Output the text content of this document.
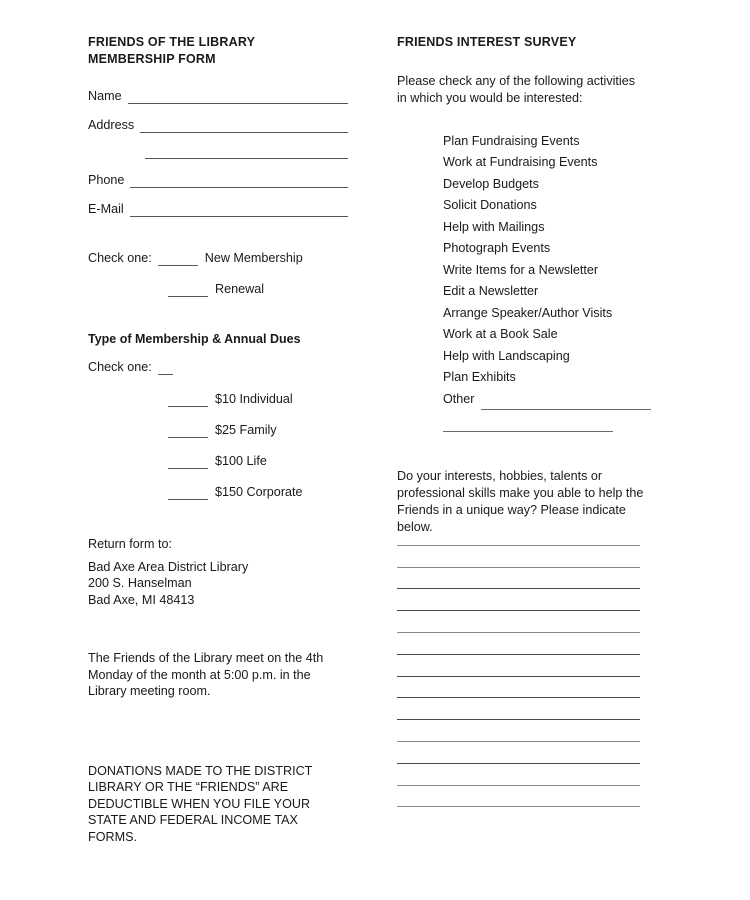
FRIENDS OF THE LIBRARY
MEMBERSHIP FORM
Name
Address
Phone
E-Mail
Check one:	New Membership
Renewal
Type of Membership & Annual Dues
Check one:
$10 Individual
$25 Family
$100 Life
$150 Corporate
Return form to:
Bad Axe Area District Library
200 S. Hanselman
Bad Axe, MI 48413
The Friends of the Library meet on the 4th
Monday of the month at 5:00 p.m. in the
Library meeting room.
DONATIONS MADE TO THE DISTRICT
LIBRARY OR THE “FRIENDS” ARE
DEDUCTIBLE WHEN YOU FILE YOUR
STATE AND FEDERAL INCOME TAX
FORMS.
FRIENDS INTEREST SURVEY
Please check any of the following activities
in which you would be interested:
Plan Fundraising Events
Work at Fundraising Events
Develop Budgets
Solicit Donations
Help with Mailings
Photograph Events
Write Items for a Newsletter
Edit a Newsletter
Arrange Speaker/Author Visits
Work at a Book Sale
Help with Landscaping
Plan Exhibits
Other
Do your interests, hobbies, talents or
professional skills make you able to help the
Friends in a unique way? Please indicate
below.
